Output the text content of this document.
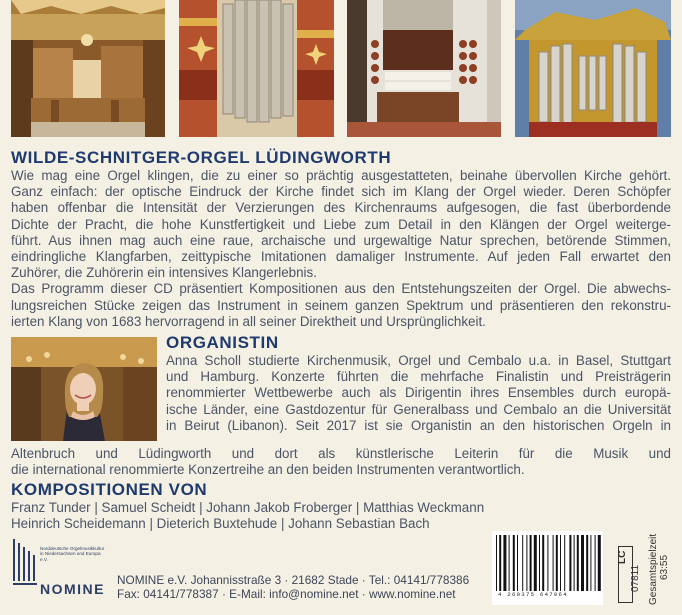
WILDE-SCHNITGER-ORGEL LÜDINGWORTH
Wie mag eine Orgel klingen, die zu einer so prächtig ausgestatteten, beinahe übervollen Kirche gehört.
Ganz einfach: der optische Eindruck der Kirche findet sich im Klang der Orgel wieder. Deren Schöpfer
haben offenbar die Intensität der Verzierungen des Kirchenraums aufgesogen, die fast überbordende
Dichte der Pracht, die hohe Kunstfertigkeit und Liebe zum Detail in den Klängen der Orgel weiterge-
führt. Aus ihnen mag auch eine raue, archaische und urgewaltige Natur sprechen, betörende Stimmen,
eindringliche Klangfarben, zeittypische Imitationen damaliger Instrumente. Auf jeden Fall erwartet den
Zuhörer, die Zuhörerin ein intensives Klangerlebnis.
Das Programm dieser CD präsentiert Kompositionen aus den Entstehungszeiten der Orgel. Die abwechs-
lungsreichen Stücke zeigen das Instrument in seinem ganzen Spektrum und präsentieren den rekonstru-
ierten Klang von 1683 hervorragend in all seiner Direktheit und Ursprünglichkeit.
ORGANISTIN
Anna Scholl studierte Kirchenmusik, Orgel und Cembalo u.a. in Basel, Stuttgart
und Hamburg. Konzerte führten die mehrfache Finalistin und Preisträgerin
renommierter Wettbewerbe auch als Dirigentin ihres Ensembles durch europä-
ische Länder, eine Gastdozentur für Generalbass und Cembalo an die Universität
in Beirut (Libanon). Seit 2017 ist sie Organistin an den historischen Orgeln in
Altenbruch und Lüdingworth und dort als künstlerische Leiterin für die Musik und
die international renommierte Konzertreihe an den beiden Instrumenten verantwortlich.
KOMPOSITIONEN VON
Franz Tunder | Samuel Scheidt | Johann Jakob Froberger | Matthias Weckmann
Heinrich Scheidemann | Dieterich Buxtehude | Johann Sebastian Bach
Norddeutsche Orgelmusikkultur
in Niedersachsen und Europa
e.V.
NOMINE
NOMINE e.V. Johannisstraße 3 · 21682 Stade · Tel.: 04141/778386
Fax: 04141/778387 · E-Mail: info@nomine.net · www.nomine.net	4 260375 647064
LC
07811 Gesamtspielzeit 63:55
